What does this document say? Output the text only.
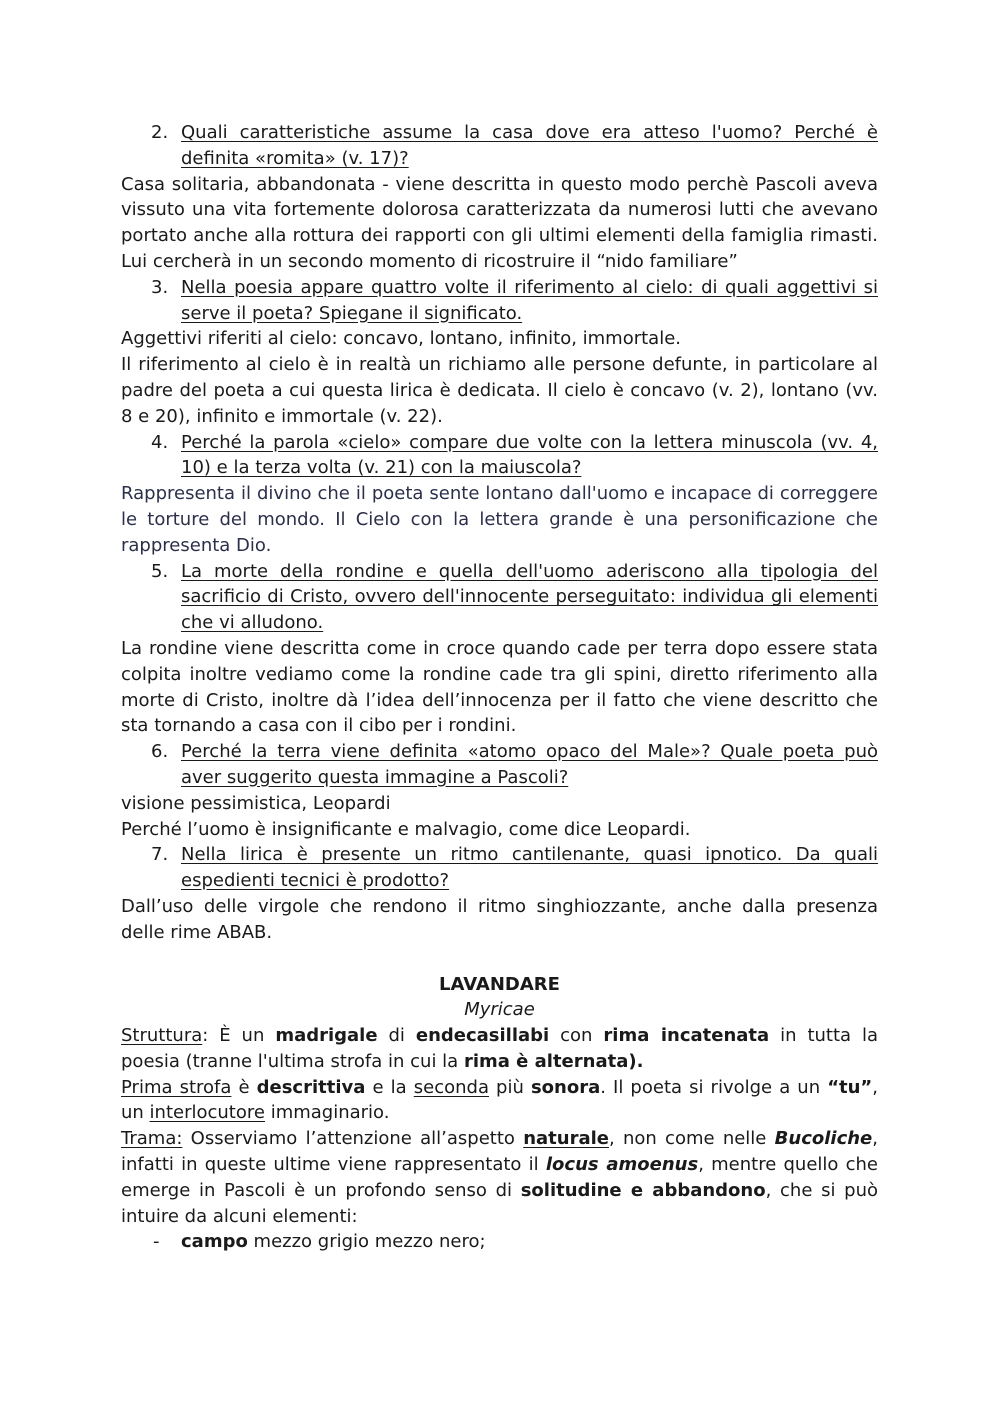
2. Quali caratteristiche assume la casa dove era atteso l'uomo? Perché è definita «romita» (v. 17)?
Casa solitaria, abbandonata - viene descritta in questo modo perchè Pascoli aveva vissuto una vita fortemente dolorosa caratterizzata da numerosi lutti che avevano portato anche alla rottura dei rapporti con gli ultimi elementi della famiglia rimasti. Lui cercherà in un secondo momento di ricostruire il “nido familiare”
3. Nella poesia appare quattro volte il riferimento al cielo: di quali aggettivi si serve il poeta? Spiegane il significato.
Aggettivi riferiti al cielo: concavo, lontano, infinito, immortale.
Il riferimento al cielo è in realtà un richiamo alle persone defunte, in particolare al padre del poeta a cui questa lirica è dedicata. Il cielo è concavo (v. 2), lontano (vv. 8 e 20), infinito e immortale (v. 22).
4. Perché la parola «cielo» compare due volte con la lettera minuscola (vv. 4, 10) e la terza volta (v. 21) con la maiuscola?
Rappresenta il divino che il poeta sente lontano dall'uomo e incapace di correggere le torture del mondo. Il Cielo con la lettera grande è una personificazione che rappresenta Dio.
5. La morte della rondine e quella dell'uomo aderiscono alla tipologia del sacrificio di Cristo, ovvero dell'innocente perseguitato: individua gli elementi che vi alludono.
La rondine viene descritta come in croce quando cade per terra dopo essere stata colpita inoltre vediamo come la rondine cade tra gli spini, diretto riferimento alla morte di Cristo, inoltre dà l’idea dell’innocenza per il fatto che viene descritto che sta tornando a casa con il cibo per i rondini.
6. Perché la terra viene definita «atomo opaco del Male»? Quale poeta può aver suggerito questa immagine a Pascoli?
visione pessimistica, Leopardi
Perché l’uomo è insignificante e malvagio, come dice Leopardi.
7. Nella lirica è presente un ritmo cantilenante, quasi ipnotico. Da quali espedienti tecnici è prodotto?
Dall’uso delle virgole che rendono il ritmo singhiozzante, anche dalla presenza delle rime ABAB.
LAVANDARE
Myricae
Struttura: È un madrigale di endecasillabi con rima incatenata in tutta la poesia (tranne l'ultima strofa in cui la rima è alternata).
Prima strofa è descrittiva e la seconda più sonora. Il poeta si rivolge a un “tu”, un interlocutore immaginario.
Trama: Osserviamo l’attenzione all’aspetto naturale, non come nelle Bucoliche, infatti in queste ultime viene rappresentato il locus amoenus, mentre quello che emerge in Pascoli è un profondo senso di solitudine e abbandono, che si può intuire da alcuni elementi:
-	campo mezzo grigio mezzo nero;
